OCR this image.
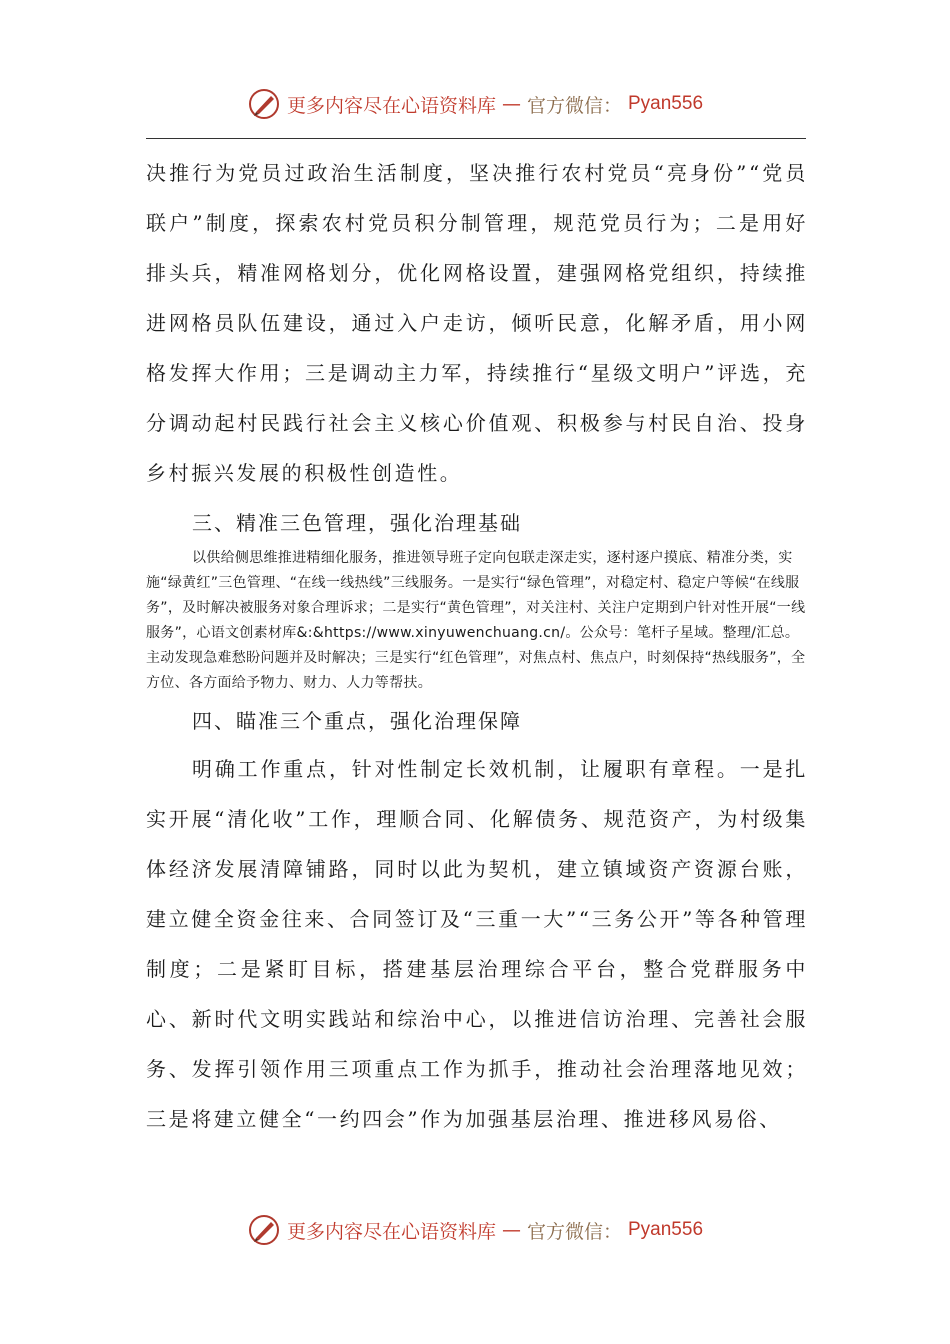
更多内容尽在心语资料库 — 官方微信： Pyan556

决推行为党员过政治生活制度，坚决推行农村党员“亮身份”“党员联户”制度，探索农村党员积分制管理，规范党员行为；二是用好排头兵，精准网格划分，优化网格设置，建强网格党组织，持续推进网格员队伍建设，通过入户走访，倾听民意，化解矛盾，用小网格发挥大作用；三是调动主力军，持续推行“星级文明户”评选，充分调动起村民践行社会主义核心价值观、积极参与村民自治、投身乡村振兴发展的积极性创造性。

三、精准三色管理，强化治理基础

以供给侧思维推进精细化服务，推进领导班子定向包联走深走实，逐村逐户摸底、精准分类，实施“绿黄红”三色管理、“在线一线热线”三线服务。一是实行“绿色管理”，对稳定村、稳定户等候“在线服务”，及时解决被服务对象合理诉求；二是实行“黄色管理”，对关注村、关注户定期到户针对性开展“一线服务”，心语文创素材库&:&https://www.xinyuwenchuang.cn/。公众号：笔杆子星域。整理/汇总。主动发现急难愁盼问题并及时解决；三是实行“红色管理”，对焦点村、焦点户，时刻保持“热线服务”，全方位、各方面给予物力、财力、人力等帮扶。

四、瞄准三个重点，强化治理保障

明确工作重点，针对性制定长效机制，让履职有章程。一是扎实开展“清化收”工作，理顺合同、化解债务、规范资产，为村级集体经济发展清障铺路，同时以此为契机，建立镇域资产资源台账，建立健全资金往来、合同签订及“三重一大”“三务公开”等各种管理制度；二是紧盯目标，搭建基层治理综合平台，整合党群服务中心、新时代文明实践站和综治中心，以推进信访治理、完善社会服务、发挥引领作用三项重点工作为抓手，推动社会治理落地见效；三是将建立健全“一约四会”作为加强基层治理、推进移风易俗、

更多内容尽在心语资料库 — 官方微信： Pyan556
